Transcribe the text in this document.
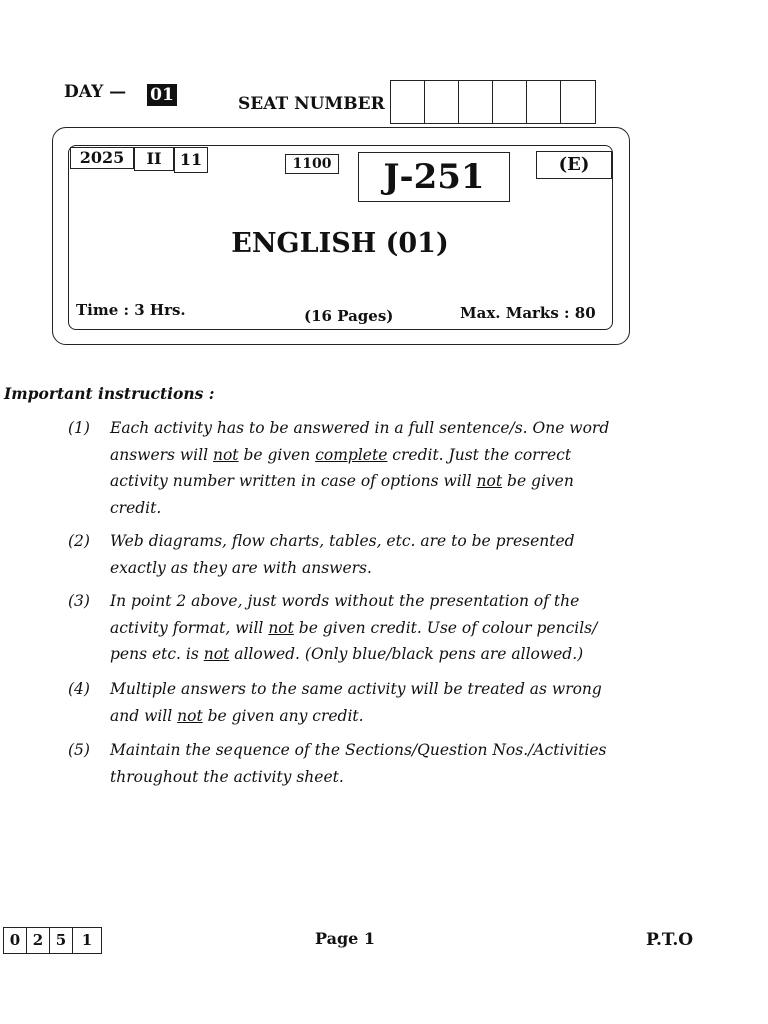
DAY — 01	SEAT NUMBER
2025	II	11	1100	J-251	(E)
ENGLISH (01)
Time : 3 Hrs.	(16 Pages)	Max. Marks : 80
Important instructions :
(1) Each activity has to be answered in a full sentence/s. One word answers will not be given complete credit. Just the correct activity number written in case of options will not be given credit.
(2) Web diagrams, flow charts, tables, etc. are to be presented exactly as they are with answers.
(3) In point 2 above, just words without the presentation of the activity format, will not be given credit. Use of colour pencils/ pens etc. is not allowed. (Only blue/black pens are allowed.)
(4) Multiple answers to the same activity will be treated as wrong and will not be given any credit.
(5) Maintain the sequence of the Sections/Question Nos./Activities throughout the activity sheet.
0 2 5	1	Page 1	P.T.O
